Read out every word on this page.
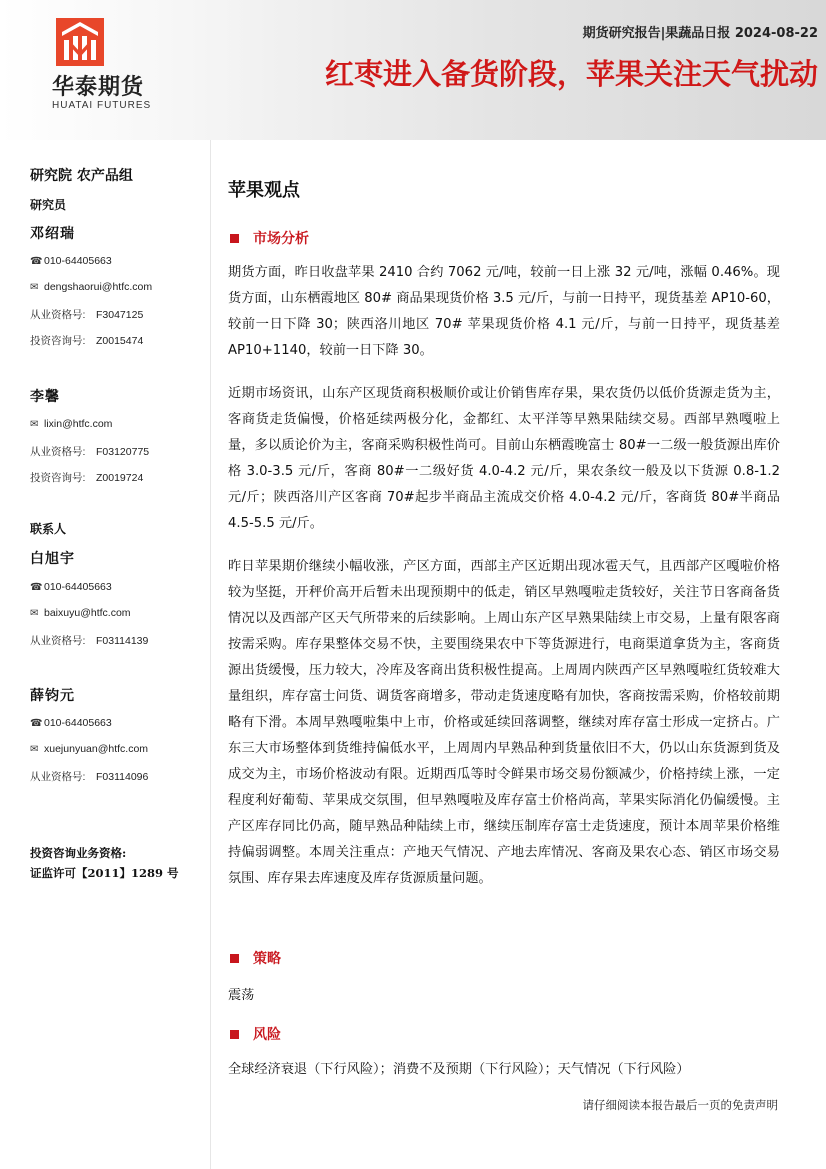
华泰期货
HUATAI FUTURES
期货研究报告|果蔬品日报 2024-08-22
红枣进入备货阶段，苹果关注天气扰动
研究院 农产品组
研究员
邓绍瑞
☎ 010-64405663
✉ dengshaorui@htfc.com
从业资格号:	F3047125
投资咨询号:	Z0015474
李馨
✉ lixin@htfc.com
从业资格号:	F03120775
投资咨询号:	Z0019724
联系人
白旭宇
☎ 010-64405663
✉ baixuyu@htfc.com
从业资格号:	F03114139
薛钧元
☎ 010-64405663
✉ xuejunyuan@htfc.com
从业资格号:	F03114096
投资咨询业务资格:
证监许可【2011】1289 号
苹果观点
市场分析
期货方面，昨日收盘苹果 2410 合约 7062 元/吨，较前一日上涨 32 元/吨，涨幅 0.46%。现货方面，山东栖霞地区 80# 商品果现货价格 3.5 元/斤，与前一日持平，现货基差 AP10-60，较前一日下降 30；陕西洛川地区 70# 苹果现货价格 4.1 元/斤，与前一日持平，现货基差 AP10+1140，较前一日下降 30。
近期市场资讯，山东产区现货商积极顺价或让价销售库存果，果农货仍以低价货源走货为主，客商货走货偏慢，价格延续两极分化，金都红、太平洋等早熟果陆续交易。西部早熟嘎啦上量，多以质论价为主，客商采购积极性尚可。目前山东栖霞晚富士 80#一二级一般货源出库价格 3.0-3.5 元/斤，客商 80#一二级好货 4.0-4.2 元/斤，果农条纹一般及以下货源 0.8-1.2 元/斤；陕西洛川产区客商 70#起步半商品主流成交价格 4.0-4.2 元/斤，客商货 80#半商品 4.5-5.5 元/斤。
昨日苹果期价继续小幅收涨，产区方面，西部主产区近期出现冰雹天气，且西部产区嘎啦价格较为坚挺，开秤价高开后暂未出现预期中的低走，销区早熟嘎啦走货较好，关注节日客商备货情况以及西部产区天气所带来的后续影响。上周山东产区早熟果陆续上市交易，上量有限客商按需采购。库存果整体交易不快，主要围绕果农中下等货源进行，电商渠道拿货为主，客商货源出货缓慢，压力较大，冷库及客商出货积极性提高。上周周内陕西产区早熟嘎啦红货较难大量组织，库存富士问货、调货客商增多，带动走货速度略有加快，客商按需采购，价格较前期略有下滑。本周早熟嘎啦集中上市，价格或延续回落调整，继续对库存富士形成一定挤占。广东三大市场整体到货维持偏低水平，上周周内早熟品种到货量依旧不大，仍以山东货源到货及成交为主，市场价格波动有限。近期西瓜等时令鲜果市场交易份额减少，价格持续上涨，一定程度利好葡萄、苹果成交氛围，但早熟嘎啦及库存富士价格尚高，苹果实际消化仍偏缓慢。主产区库存同比仍高，随早熟品种陆续上市，继续压制库存富士走货速度，预计本周苹果价格维持偏弱调整。本周关注重点：产地天气情况、产地去库情况、客商及果农心态、销区市场交易氛围、库存果去库速度及库存货源质量问题。
策略
震荡
风险
全球经济衰退（下行风险）；消费不及预期（下行风险）；天气情况（下行风险）
请仔细阅读本报告最后一页的免责声明
